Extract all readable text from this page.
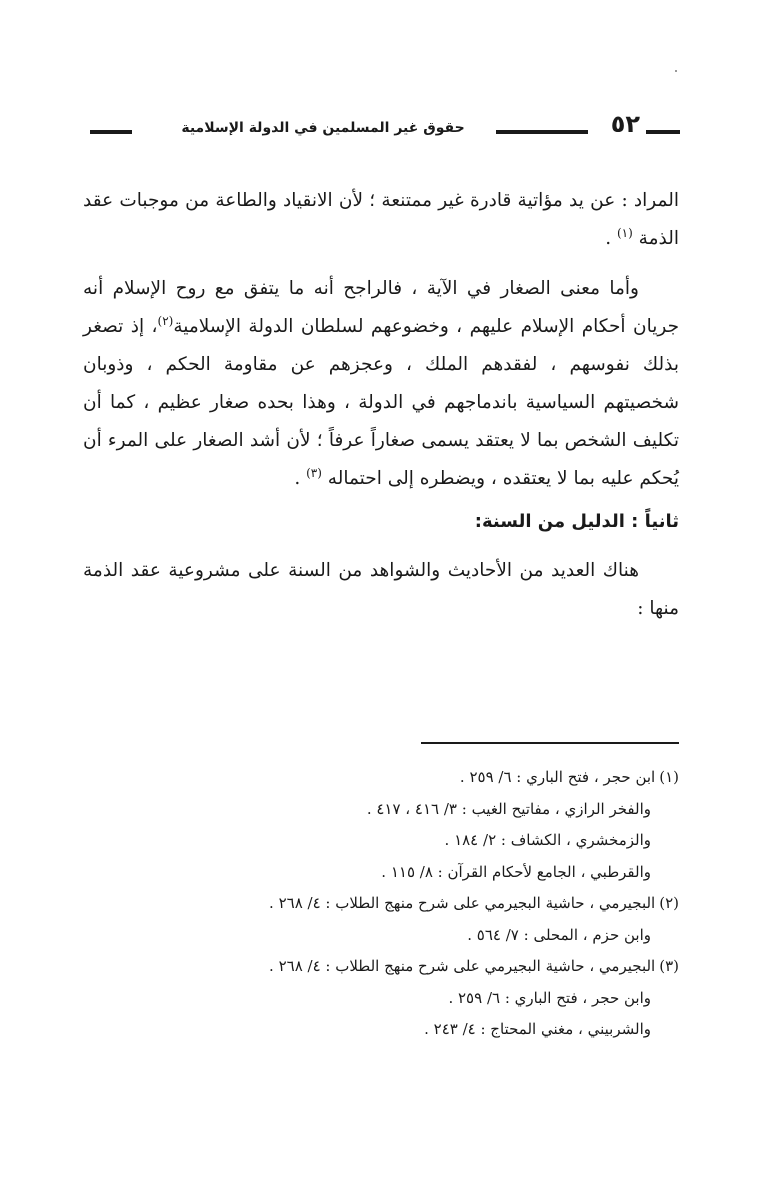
٥٢
حقوق غير المسلمين في الدولة الإسلامية

المراد : عن يد مؤاتية قادرة غير ممتنعة ؛ لأن الانقياد والطاعة من موجبات عقد الذمة $^{(١)}$ .

وأما معنى الصغار في الآية ، فالراجح أنه ما يتفق مع روح الإسلام أنه جريان أحكام الإسلام عليهم ، وخضوعهم لسلطان الدولة الإسلامية$^{(٢)}$، إذ تصغر بذلك نفوسهم ، لفقدهم الملك ، وعجزهم عن مقاومة الحكم ، وذوبان شخصيتهم السياسية باندماجهم في الدولة ، وهذا بحده صغار عظيم ، كما أن تكليف الشخص بما لا يعتقد يسمى صغاراً عرفاً ؛ لأن أشد الصغار على المرء أن يُحكم عليه بما لا يعتقده ، ويضطره إلى احتماله $^{(٣)}$ .

ثانياً : الدليل من السنة:

هناك العديد من الأحاديث والشواهد من السنة على مشروعية عقد الذمة منها :

(١)ابن حجر ، فتح الباري : ٦/ ٢٥٩ .
والفخر الرازي ، مفاتيح الغيب : ٣/ ٤١٦ ، ٤١٧ .
والزمخشري ، الكشاف : ٢/ ١٨٤ .
والقرطبي ، الجامع لأحكام القرآن : ٨/ ١١٥ .
(٢)البجيرمي ، حاشية البجيرمي على شرح منهج الطلاب : ٤/ ٢٦٨ .
وابن حزم ، المحلى : ٧/ ٥٦٤ .
(٣)البجيرمي ، حاشية البجيرمي على شرح منهج الطلاب : ٤/ ٢٦٨ .
وابن حجر ، فتح الباري : ٦/ ٢٥٩ .
والشربيني ، مغني المحتاج : ٤/ ٢٤٣ .
